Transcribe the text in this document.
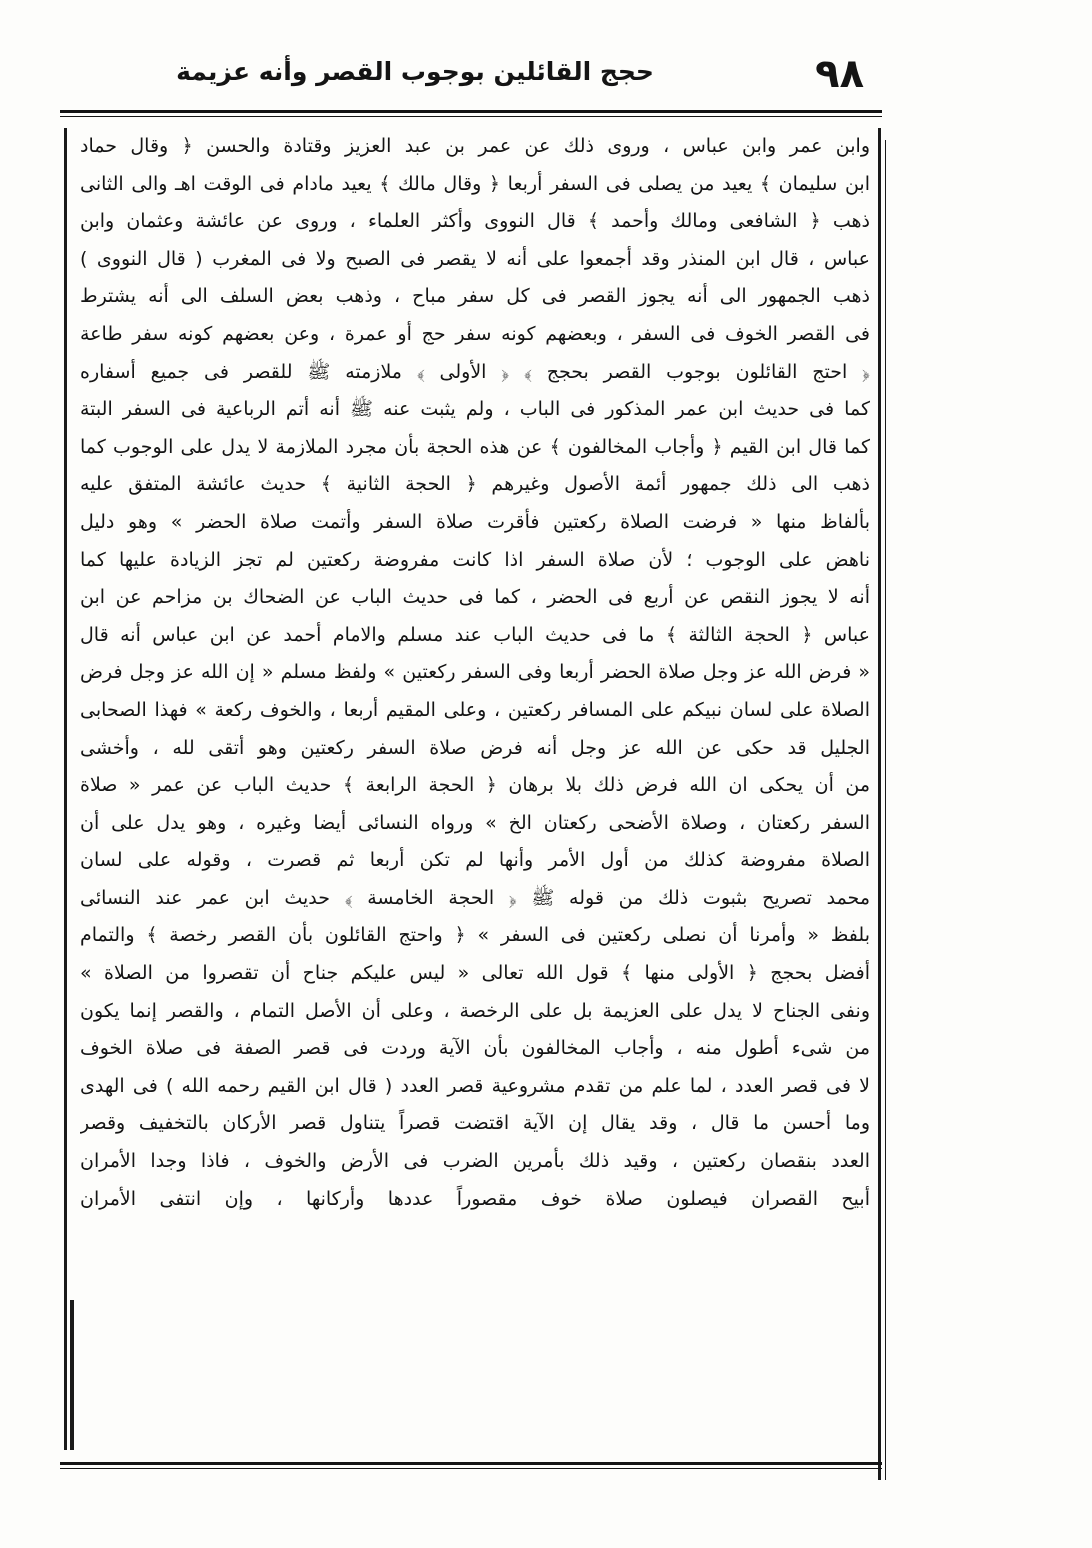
٩٨
حجج القائلين بوجوب القصر وأنه عزيمة
وابن عمر وابن عباس ، وروى ذلك عن عمر بن عبد العزيز وقتادة والحسن ﴿ وقال حماد
ابن سليمان ﴾ يعيد من يصلى فى السفر أربعا ﴿ وقال مالك ﴾ يعيد مادام فى الوقت اهـ والى الثانى
ذهب ﴿ الشافعى ومالك وأحمد ﴾ قال النووى وأكثر العلماء ، وروى عن عائشة وعثمان وابن
عباس ، قال ابن المنذر وقد أجمعوا على أنه لا يقصر فى الصبح ولا فى المغرب ( قال النووى )
ذهب الجمهور الى أنه يجوز القصر فى كل سفر مباح ، وذهب بعض السلف الى أنه يشترط
فى القصر الخوف فى السفر ، وبعضهم كونه سفر حج أو عمرة ، وعن بعضهم كونه سفر طاعة
﴿ احتج القائلون بوجوب القصر بحجج ﴾ ﴿ الأولى ﴾ ملازمته ﷺ للقصر فى جميع أسفاره
كما فى حديث ابن عمر المذكور فى الباب ، ولم يثبت عنه ﷺ أنه أتم الرباعية فى السفر البتة
كما قال ابن القيم ﴿ وأجاب المخالفون ﴾ عن هذه الحجة بأن مجرد الملازمة لا يدل على الوجوب كما
ذهب الى ذلك جمهور أئمة الأصول وغيرهم ﴿ الحجة الثانية ﴾ حديث عائشة المتفق عليه
بألفاظ منها « فرضت الصلاة ركعتين فأقرت صلاة السفر وأتمت صلاة الحضر » وهو دليل
ناهض على الوجوب ؛ لأن صلاة السفر اذا كانت مفروضة ركعتين لم تجز الزيادة عليها كما
أنه لا يجوز النقص عن أربع فى الحضر ، كما فى حديث الباب عن الضحاك بن مزاحم عن ابن
عباس ﴿ الحجة الثالثة ﴾ ما فى حديث الباب عند مسلم والامام أحمد عن ابن عباس أنه قال
« فرض الله عز وجل صلاة الحضر أربعا وفى السفر ركعتين » ولفظ مسلم « إن الله عز وجل فرض
الصلاة على لسان نبيكم على المسافر ركعتين ، وعلى المقيم أربعا ، والخوف ركعة » فهذا الصحابى
الجليل قد حكى عن الله عز وجل أنه فرض صلاة السفر ركعتين وهو أتقى لله ، وأخشى
من أن يحكى ان الله فرض ذلك بلا برهان ﴿ الحجة الرابعة ﴾ حديث الباب عن عمر « صلاة
السفر ركعتان ، وصلاة الأضحى ركعتان الخ » ورواه النسائى أيضا وغيره ، وهو يدل على أن
الصلاة مفروضة كذلك من أول الأمر وأنها لم تكن أربعا ثم قصرت ، وقوله على لسان
محمد تصريح بثبوت ذلك من قوله ﷺ ﴿ الحجة الخامسة ﴾ حديث ابن عمر عند النسائى
بلفظ « وأمرنا أن نصلى ركعتين فى السفر » ﴿ واحتج القائلون بأن القصر رخصة ﴾ والتمام
أفضل بحجج ﴿ الأولى منها ﴾ قول الله تعالى « ليس عليكم جناح أن تقصروا من الصلاة »
ونفى الجناح لا يدل على العزيمة بل على الرخصة ، وعلى أن الأصل التمام ، والقصر إنما يكون
من شىء أطول منه ، وأجاب المخالفون بأن الآية وردت فى قصر الصفة فى صلاة الخوف
لا فى قصر العدد ، لما علم من تقدم مشروعية قصر العدد ( قال ابن القيم رحمه الله ) فى الهدى
وما أحسن ما قال ، وقد يقال إن الآية اقتضت قصراً يتناول قصر الأركان بالتخفيف وقصر
العدد بنقصان ركعتين ، وقيد ذلك بأمرين الضرب فى الأرض والخوف ، فاذا وجدا الأمران
أبيح القصران فيصلون صلاة خوف مقصوراً عددها وأركانها ، وإن انتفى الأمران
